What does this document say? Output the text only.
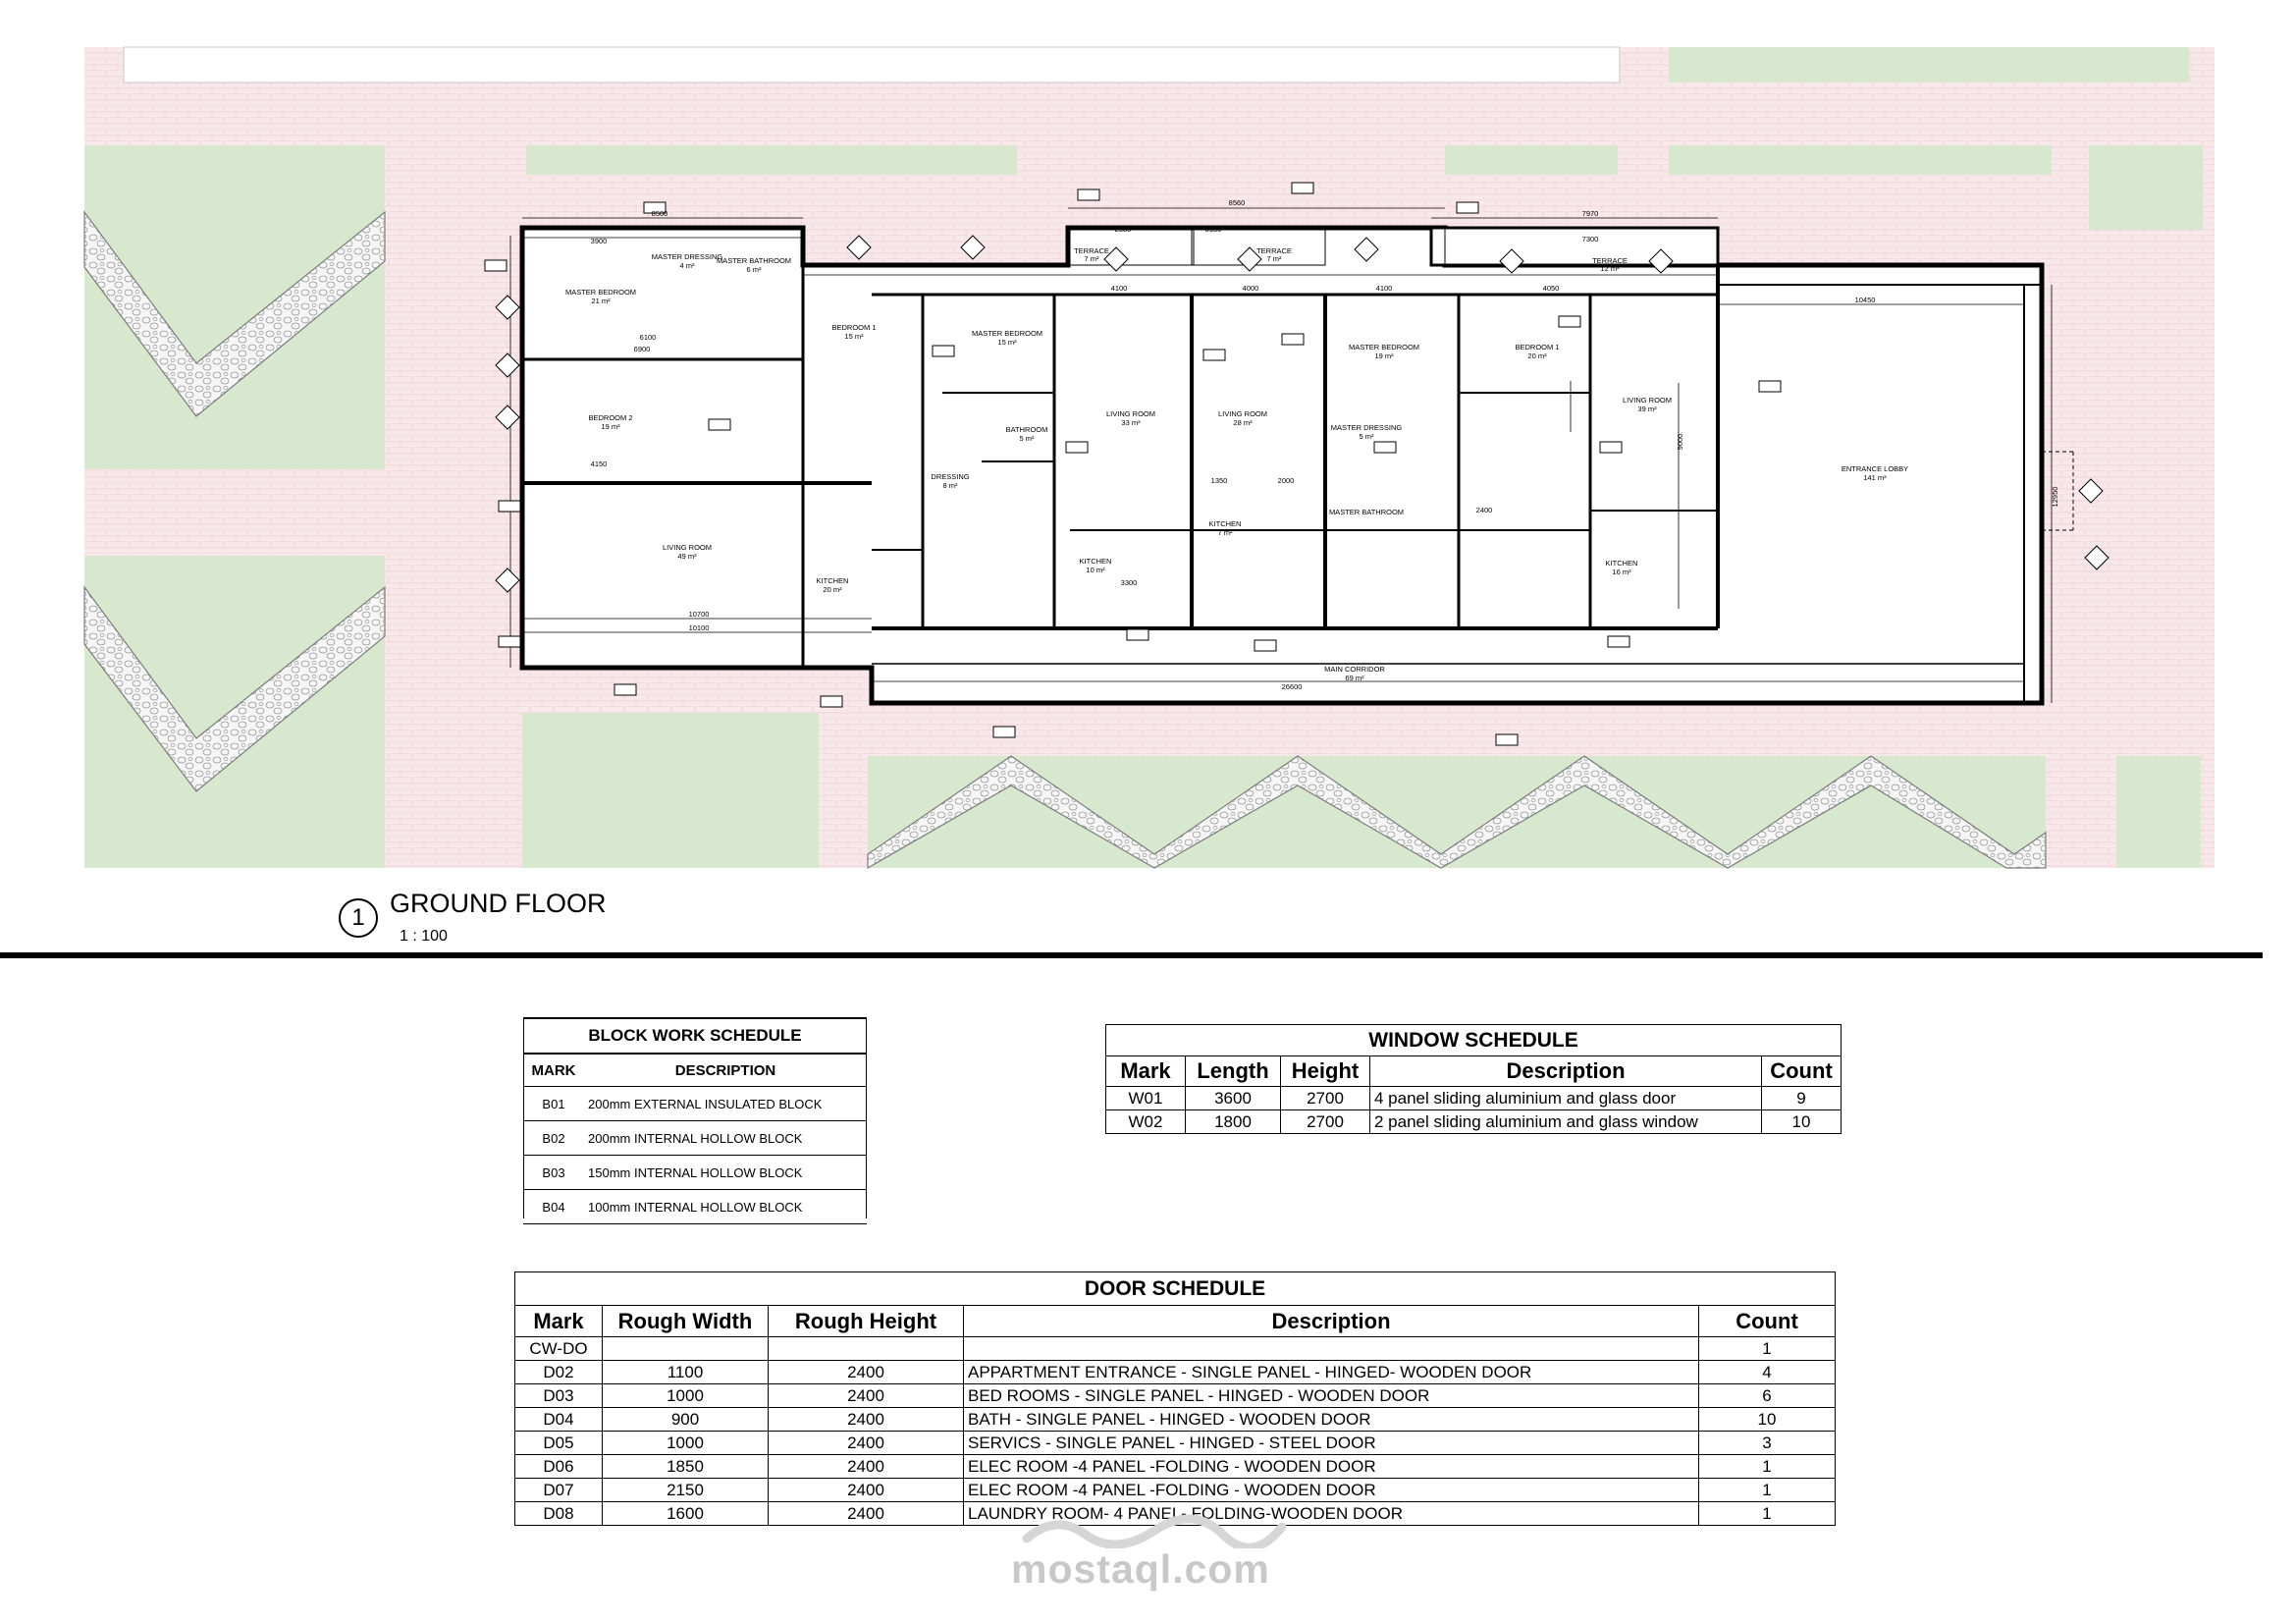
MASTER BEDROOM
21 m²
MASTER DRESSING
4 m²
MASTER BATHROOM
6 m²
BEDROOM 2
19 m²
BEDROOM 1
15 m²	MASTER BEDROOM
15 m²
LIVING ROOM
49 m²
KITCHEN
20 m²
DRESSING
8 m²
BATHROOM
5 m²
LIVING ROOM
33 m²
KITCHEN
10 m²
LIVING ROOM
28 m²
KITCHEN
7 m²
MASTER BEDROOM
19 m²
MASTER DRESSING
5 m²
MASTER BATHROOM
BEDROOM 1
20 m²
LIVING ROOM
39 m²
KITCHEN
16 m²
TERRACE
7 m²
TERRACE
7 m²	TERRACE
12 m²
ENTRANCE LOBBY
141 m²
MAIN CORRIDOR
69 m²
8500
8560
7970
3900
6100
6900
4150
10700
10100
4100	4000	4100	4050
10450
26600
3300
1350	2000
2400
3180
2580
7300
9000
12950
1 GROUND FLOOR
1 : 100
BLOCK WORK SCHEDULE
MARK	DESCRIPTION
B01	200mm EXTERNAL INSULATED BLOCK
B02	200mm INTERNAL HOLLOW BLOCK
B03	150mm INTERNAL HOLLOW BLOCK
B04	100mm INTERNAL HOLLOW BLOCK
WINDOW SCHEDULE				
Mark	Length	Height	Description	Count
W01	3600	2700	4 panel sliding aluminium and glass door	9
W02	1800	2700	2 panel sliding aluminium and glass window	10
DOOR SCHEDULE				
Mark	Rough Width	Rough Height	Description	Count
CW-DO				1
D02	1100	2400	APPARTMENT ENTRANCE - SINGLE PANEL - HINGED- WOODEN DOOR	4
D03	1000	2400	BED ROOMS - SINGLE PANEL - HINGED - WOODEN DOOR	6
D04	900	2400	BATH - SINGLE PANEL - HINGED - WOODEN DOOR	10
D05	1000	2400	SERVICS - SINGLE PANEL - HINGED - STEEL DOOR	3
D06	1850	2400	ELEC ROOM -4 PANEL -FOLDING - WOODEN DOOR	1
D07	2150	2400	ELEC ROOM -4 PANEL -FOLDING - WOODEN DOOR	1
D08	1600	2400	LAUNDRY ROOM- 4 PANEL- FOLDING-WOODEN DOOR	1
mostaql.com
